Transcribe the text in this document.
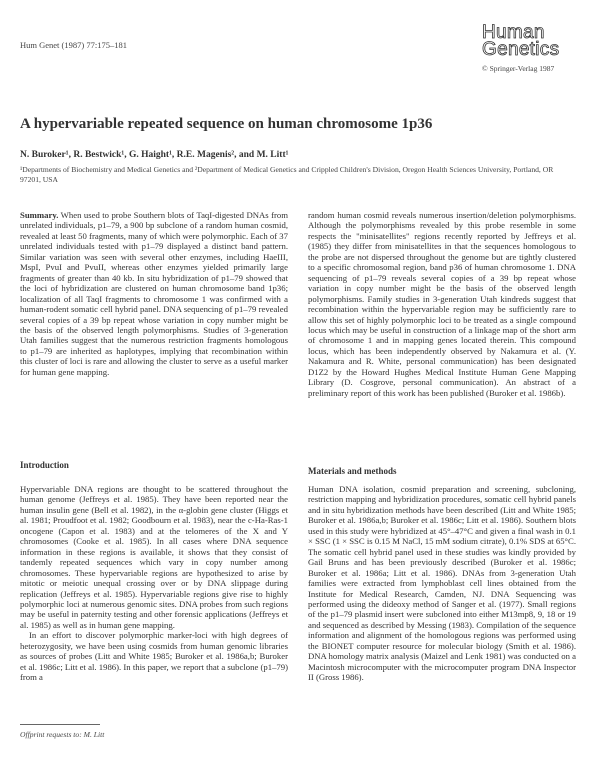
Hum Genet (1987) 77:175–181
Human
Genetics
© Springer-Verlag 1987
A hypervariable repeated sequence on human chromosome 1p36
N. Buroker¹, R. Bestwick¹, G. Haight¹, R.E. Magenis², and M. Litt¹
¹Departments of Biochemistry and Medical Genetics and ²Department of Medical Genetics and Crippled Children's Division, Oregon Health Sciences University, Portland, OR 97201, USA

Summary. When used to probe Southern blots of TaqI-digested DNAs from unrelated individuals, p1–79, a 900 bp subclone of a random human cosmid, revealed at least 50 fragments, many of which were polymorphic. Each of 37 unrelated individuals tested with p1–79 displayed a distinct band pattern. Similar variation was seen with several other enzymes, including HaeIII, MspI, PvuI and PvuII, whereas other enzymes yielded primarily large fragments of greater than 40 kb. In situ hybridization of p1–79 showed that the loci of hybridization are clustered on human chromosome band 1p36; localization of all TaqI fragments to chromosome 1 was confirmed with a human-rodent somatic cell hybrid panel. DNA sequencing of p1–79 revealed several copies of a 39 bp repeat whose variation in copy number might be the basis of the observed length polymorphisms. Studies of 3-generation Utah families suggest that the numerous restriction fragments homologous to p1–79 are inherited as haplotypes, implying that recombination within this cluster of loci is rare and allowing the cluster to serve as a useful marker for human gene mapping.

Introduction

Hypervariable DNA regions are thought to be scattered throughout the human genome (Jeffreys et al. 1985). They have been reported near the human insulin gene (Bell et al. 1982), in the α-globin gene cluster (Higgs et al. 1981; Proudfoot et al. 1982; Goodbourn et al. 1983), near the c-Ha-Ras-1 oncogene (Capon et al. 1983) and at the telomeres of the X and Y chromosomes (Cooke et al. 1985). In all cases where DNA sequence information in these regions is available, it shows that they consist of tandemly repeated sequences which vary in copy number among chromosomes. These hypervariable regions are hypothesized to arise by mitotic or meiotic unequal crossing over or by DNA slippage during replication (Jeffreys et al. 1985). Hypervariable regions give rise to highly polymorphic loci at numerous genomic sites. DNA probes from such regions may be useful in paternity testing and other forensic applications (Jeffreys et al. 1985) as well as in human gene mapping.

In an effort to discover polymorphic marker-loci with high degrees of heterozygosity, we have been using cosmids from human genomic libraries as sources of probes (Litt and White 1985; Buroker et al. 1986a,b; Buroker et al. 1986c; Litt et al. 1986). In this paper, we report that a subclone (p1–79) from a

random human cosmid reveals numerous insertion/deletion polymorphisms. Although the polymorphisms revealed by this probe resemble in some respects the "minisatellites" regions recently reported by Jeffreys et al. (1985) they differ from minisatellites in that the sequences homologous to the probe are not dispersed throughout the genome but are tightly clustered to a specific chromosomal region, band p36 of human chromosome 1. DNA sequencing of p1–79 reveals several copies of a 39 bp repeat whose variation in copy number might be the basis of the observed length polymorphisms. Family studies in 3-generation Utah kindreds suggest that recombination within the hypervariable region may be sufficiently rare to allow this set of highly polymorphic loci to be treated as a single compound locus which may be useful in construction of a linkage map of the short arm of chromosome 1 and in mapping genes located therein. This compound locus, which has been independently observed by Nakamura et al. (Y. Nakamura and R. White, personal communication) has been designated D1Z2 by the Howard Hughes Medical Institute Human Gene Mapping Library (D. Cosgrove, personal communication). An abstract of a preliminary report of this work has been published (Buroker et al. 1986b).

Materials and methods

Human DNA isolation, cosmid preparation and screening, subcloning, restriction mapping and hybridization procedures, somatic cell hybrid panels and in situ hybridization methods have been described (Litt and White 1985; Buroker et al. 1986a,b; Buroker et al. 1986c; Litt et al. 1986). Southern blots used in this study were hybridized at 45°–47°C and given a final wash in 0.1 × SSC (1 × SSC is 0.15 M NaCl, 15 mM sodium citrate), 0.1% SDS at 65°C. The somatic cell hybrid panel used in these studies was kindly provided by Gail Bruns and has been previously described (Buroker et al. 1986c; Buroker et al. 1986a; Litt et al. 1986). DNAs from 3-generation Utah families were extracted from lymphoblast cell lines obtained from the Institute for Medical Research, Camden, NJ. DNA Sequencing was performed using the dideoxy method of Sanger et al. (1977). Small regions of the p1–79 plasmid insert were subcloned into either M13mp8, 9, 18 or 19 and sequenced as described by Messing (1983). Compilation of the sequence information and alignment of the homologous regions was performed using the BIONET computer resource for molecular biology (Smith et al. 1986). DNA homology matrix analysis (Maizel and Lenk 1981) was conducted on a Macintosh microcomputer with the microcomputer program DNA Inspector II (Gross 1986).

Offprint requests to: M. Litt
